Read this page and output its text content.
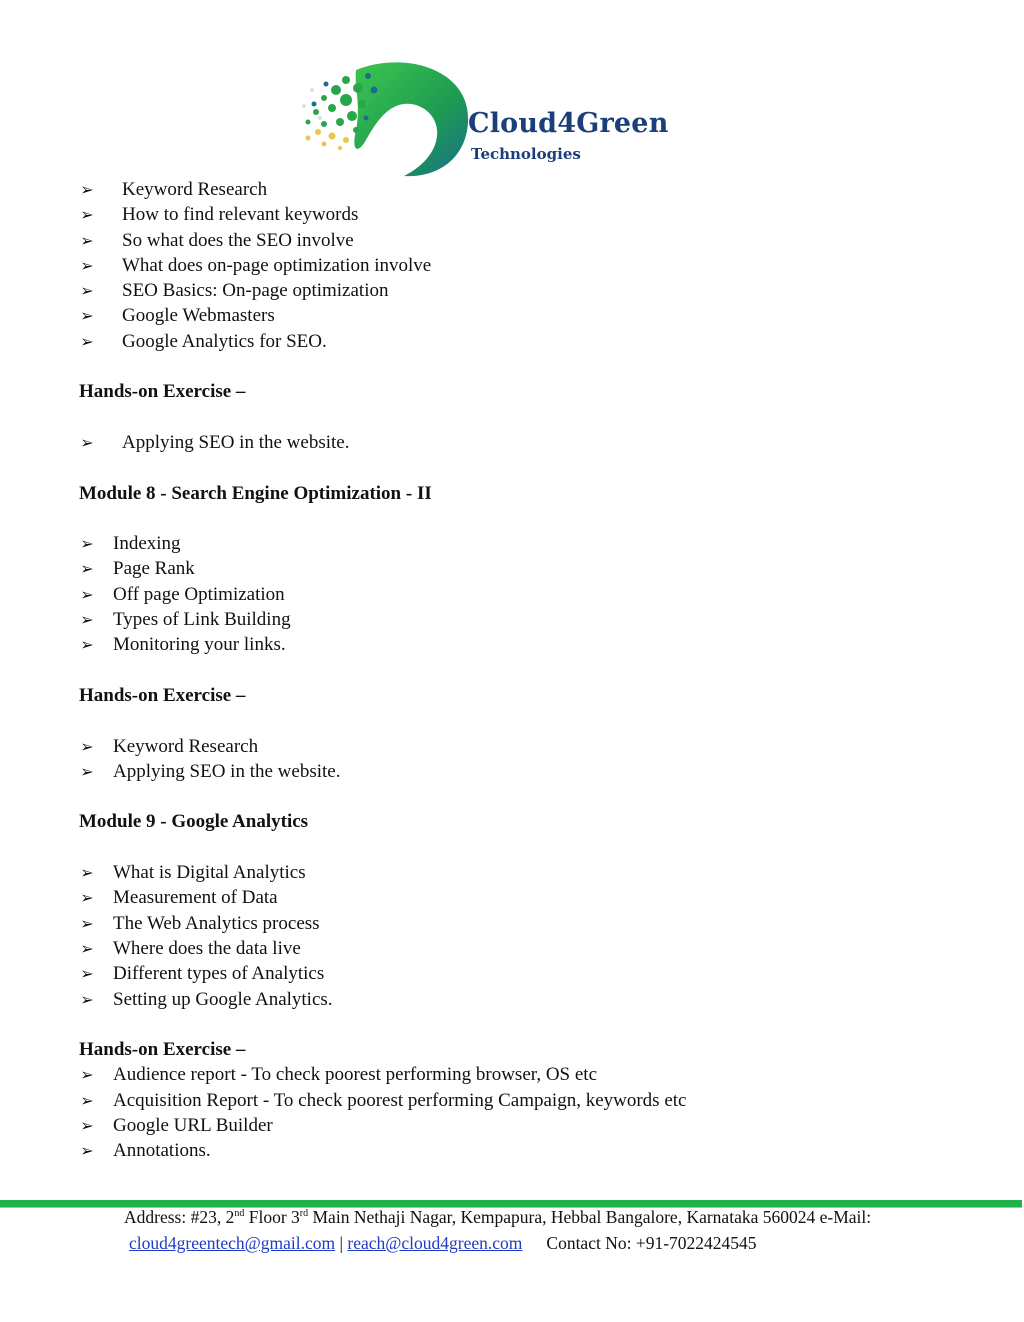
Cloud4Green
Technologies
➢ Keyword Research
➢ How to find relevant keywords
➢ So what does the SEO involve
➢ What does on-page optimization involve
➢ SEO Basics: On-page optimization
➢ Google Webmasters
➢ Google Analytics for SEO.
Hands-on Exercise –
➢ Applying SEO in the website.
Module 8 - Search Engine Optimization - II
➢ Indexing
➢ Page Rank
➢ Off page Optimization
➢ Types of Link Building
➢ Monitoring your links.
Hands-on Exercise –
➢ Keyword Research
➢ Applying SEO in the website.
Module 9 - Google Analytics
➢ What is Digital Analytics
➢ Measurement of Data
➢ The Web Analytics process
➢ Where does the data live
➢ Different types of Analytics
➢ Setting up Google Analytics.
Hands-on Exercise –
➢ Audience report - To check poorest performing browser, OS etc
➢ Acquisition Report - To check poorest performing Campaign, keywords etc
➢ Google URL Builder
➢ Annotations.
Address: #23, 2nd Floor 3rd Main Nethaji Nagar, Kempapura, Hebbal Bangalore, Karnataka 560024 e-Mail:
cloud4greentech@gmail.com | reach@cloud4green.com Contact No: +91-7022424545
